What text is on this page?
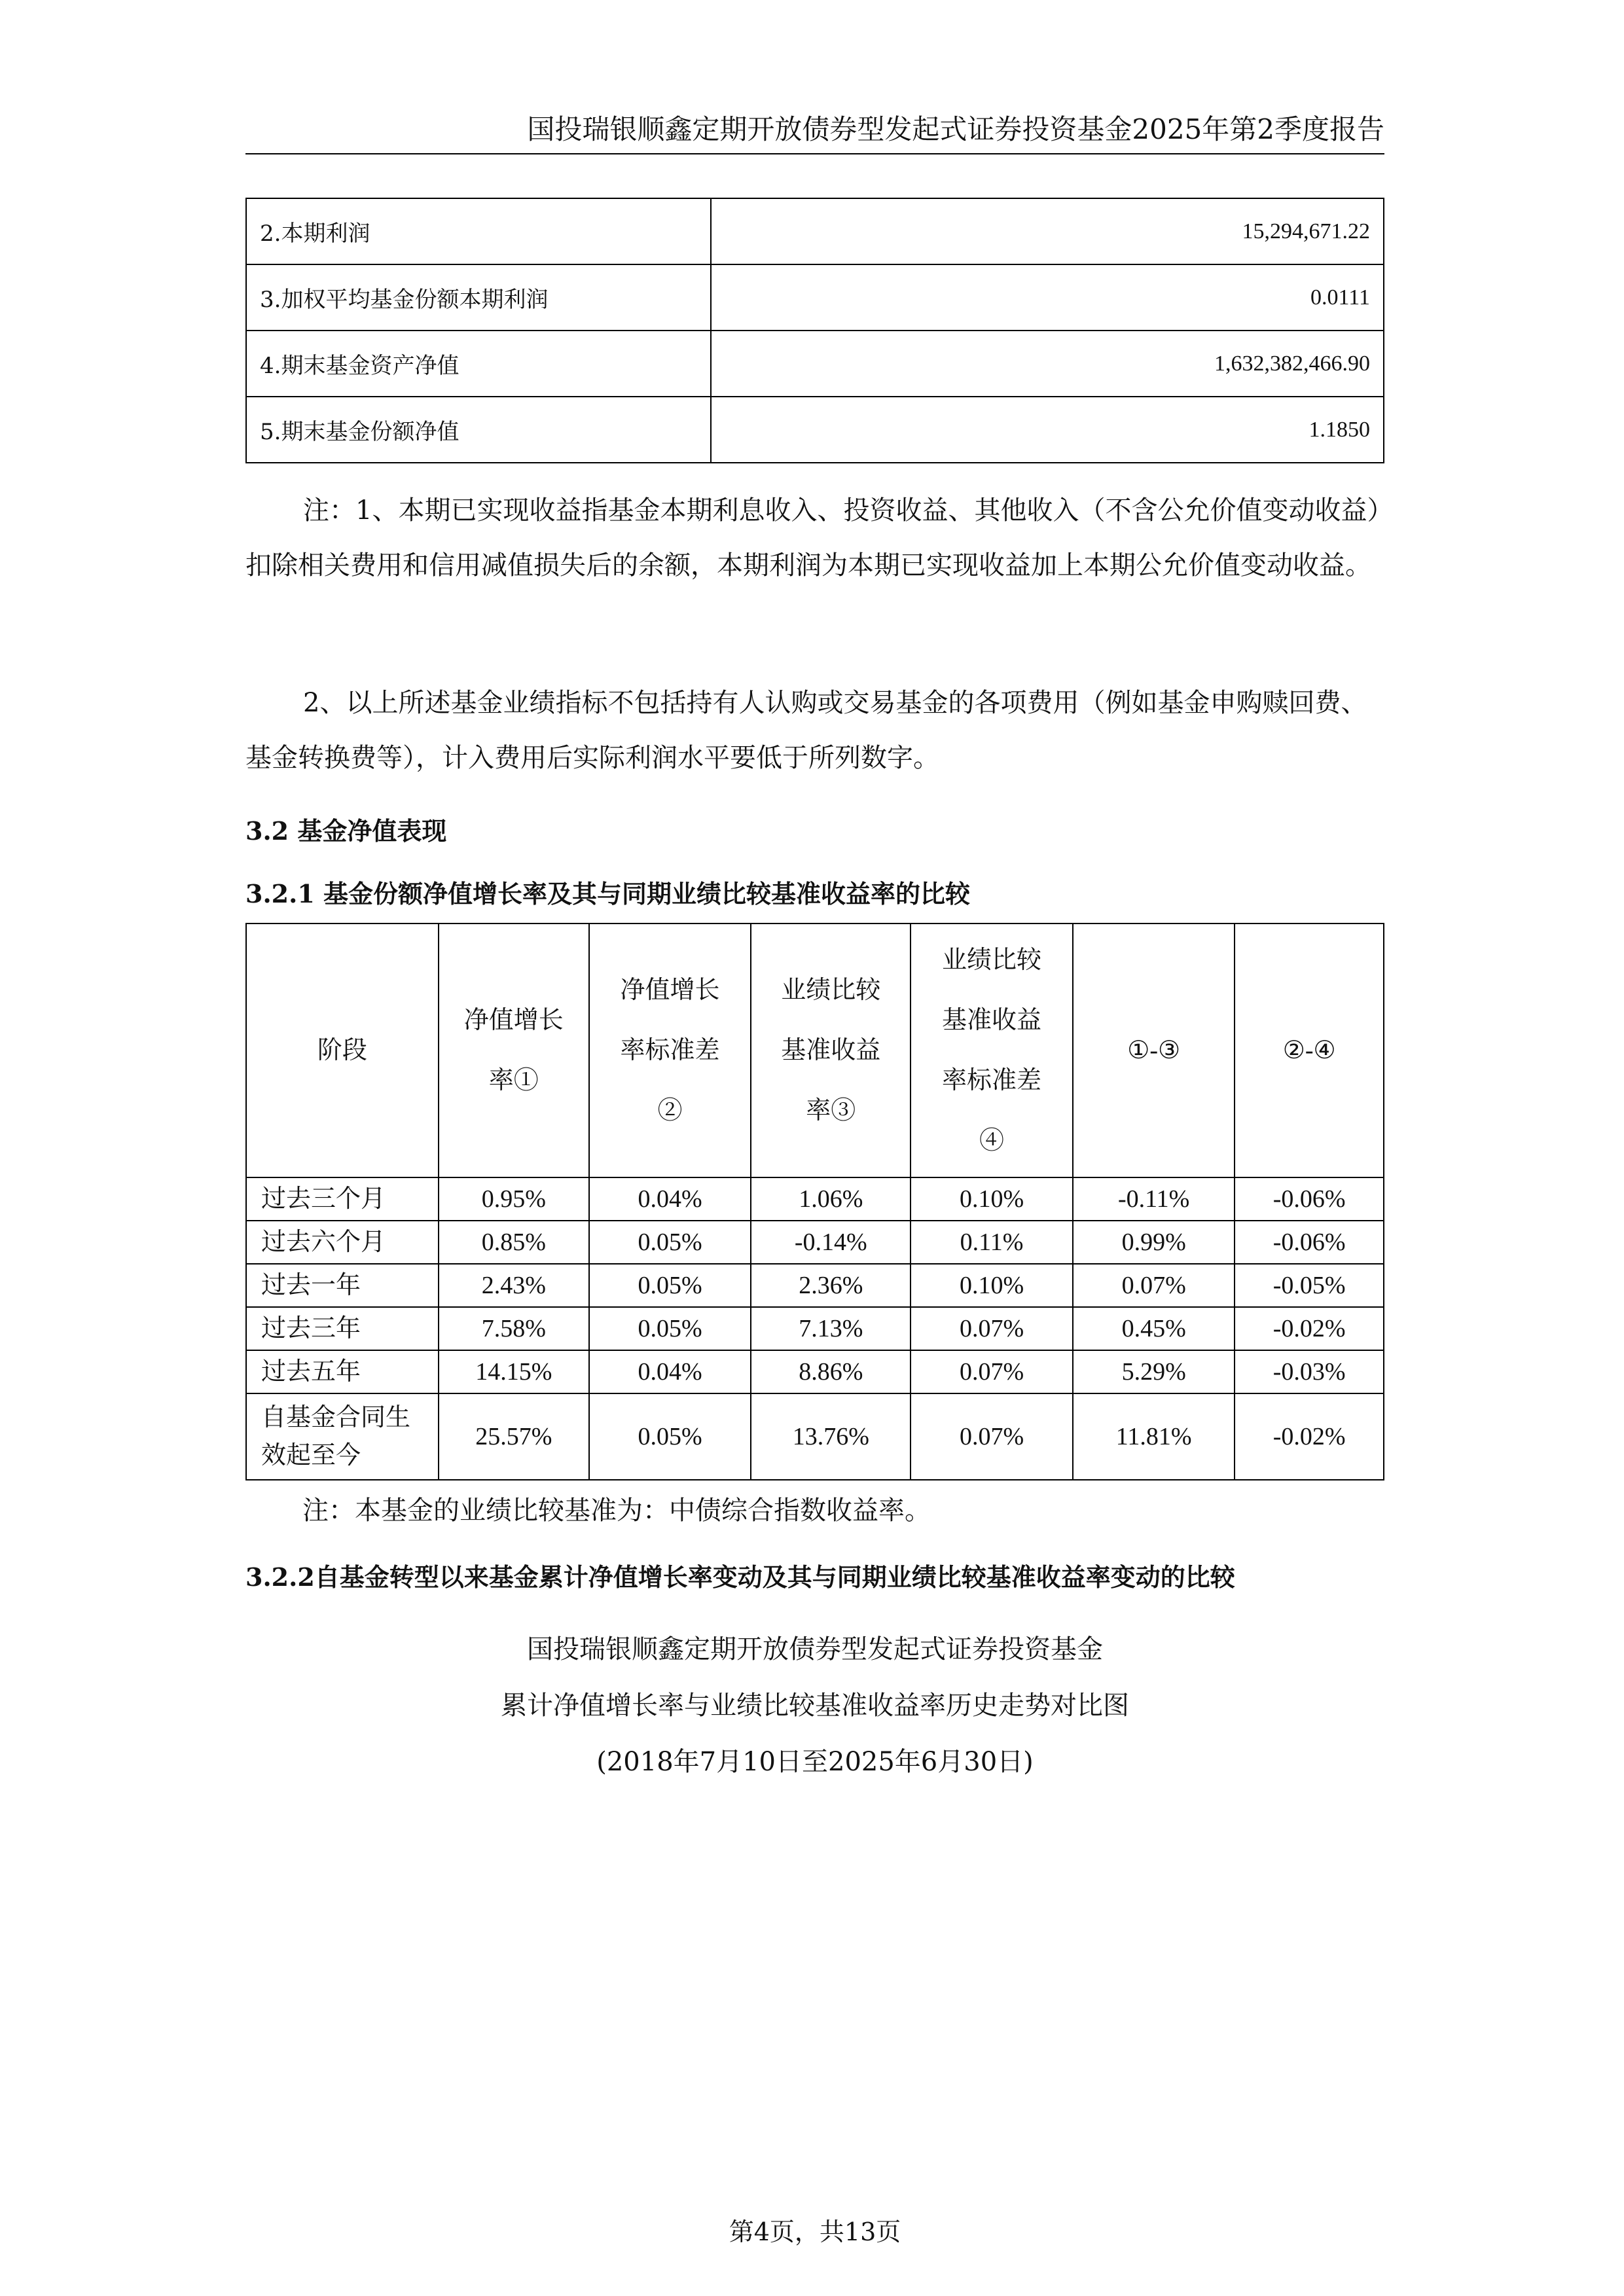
国投瑞银顺鑫定期开放债券型发起式证券投资基金2025年第2季度报告
2.本期利润	15,294,671.22
3.加权平均基金份额本期利润	0.0111
4.期末基金资产净值	1,632,382,466.90
5.期末基金份额净值	1.1850
注：1、本期已实现收益指基金本期利息收入、投资收益、其他收入（不含公允价值变动收益）扣除相关费用和信用减值损失后的余额，本期利润为本期已实现收益加上本期公允价值变动收益。
2、以上所述基金业绩指标不包括持有人认购或交易基金的各项费用（例如基金申购赎回费、基金转换费等），计入费用后实际利润水平要低于所列数字。
3.2 基金净值表现
3.2.1 基金份额净值增长率及其与同期业绩比较基准收益率的比较
阶段	净值增长率①	净值增长率标准差②	业绩比较基准收益率③	业绩比较基准收益率标准差④	①-③	②-④
过去三个月	0.95%	0.04%	1.06%	0.10%	-0.11%	-0.06%
过去六个月	0.85%	0.05%	-0.14%	0.11%	0.99%	-0.06%
过去一年	2.43%	0.05%	2.36%	0.10%	0.07%	-0.05%
过去三年	7.58%	0.05%	7.13%	0.07%	0.45%	-0.02%
过去五年	14.15%	0.04%	8.86%	0.07%	5.29%	-0.03%
自基金合同生效起至今	25.57%	0.05%	13.76%	0.07%	11.81%	-0.02%
注：本基金的业绩比较基准为：中债综合指数收益率。
3.2.2自基金转型以来基金累计净值增长率变动及其与同期业绩比较基准收益率变动的比较
国投瑞银顺鑫定期开放债券型发起式证券投资基金
累计净值增长率与业绩比较基准收益率历史走势对比图
(2018年7月10日至2025年6月30日)
第4页，共13页
